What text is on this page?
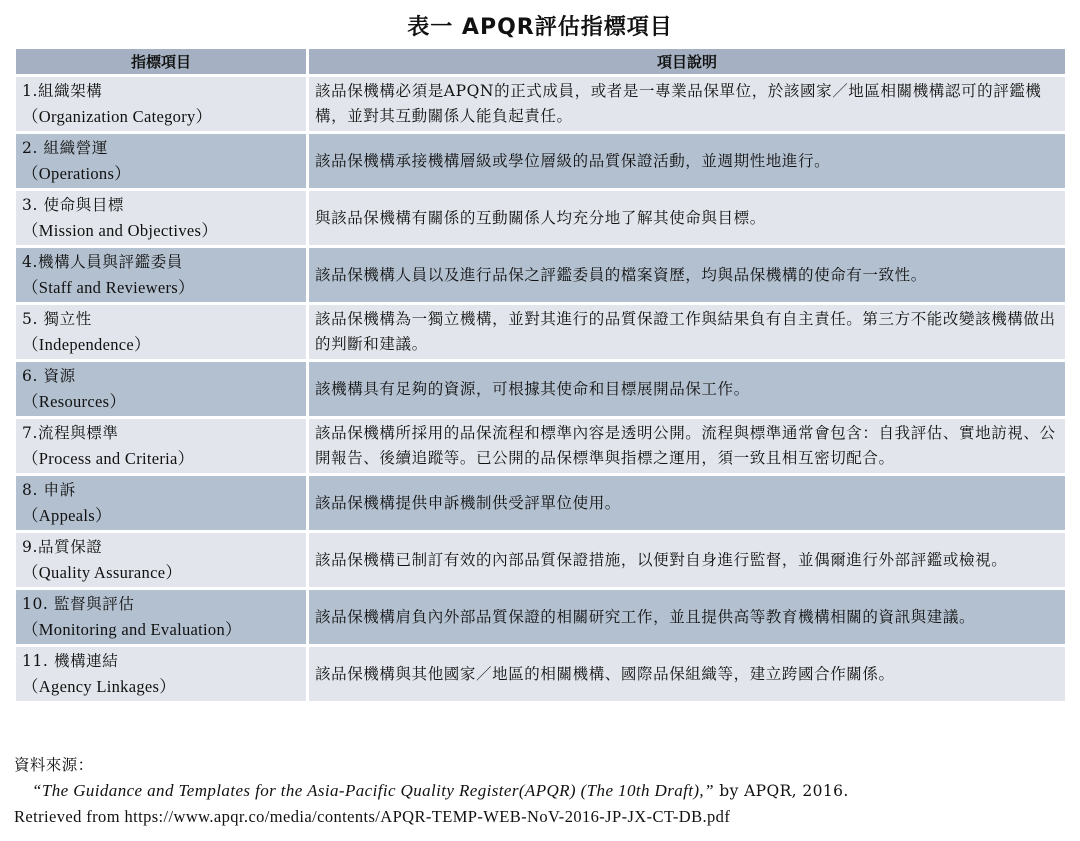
表一 APQR評估指標項目
指標項目	項目說明

1.組織架構
（Organization Category）	該品保機構必須是APQN的正式成員，或者是一專業品保單位，於該國家／地區相關機構認可的評鑑機構，並對其互動關係人能負起責任。

2. 組織營運
（Operations）	該品保機構承接機構層級或學位層級的品質保證活動，並週期性地進行。

3. 使命與目標
（Mission and Objectives）	與該品保機構有關係的互動關係人均充分地了解其使命與目標。

4.機構人員與評鑑委員
（Staff and Reviewers）	該品保機構人員以及進行品保之評鑑委員的檔案資歷，均與品保機構的使命有一致性。

5. 獨立性
（Independence）	該品保機構為一獨立機構，並對其進行的品質保證工作與結果負有自主責任。第三方不能改變該機構做出的判斷和建議。

6. 資源
（Resources）	該機構具有足夠的資源，可根據其使命和目標展開品保工作。

7.流程與標準
（Process and Criteria）	該品保機構所採用的品保流程和標準內容是透明公開。流程與標準通常會包含：自我評估、實地訪視、公開報告、後續追蹤等。已公開的品保標準與指標之運用，須一致且相互密切配合。

8. 申訴
（Appeals）	該品保機構提供申訴機制供受評單位使用。

9.品質保證
（Quality Assurance）	該品保機構已制訂有效的內部品質保證措施，以便對自身進行監督，並偶爾進行外部評鑑或檢視。

10. 監督與評估
（Monitoring and Evaluation）	該品保機構肩負內外部品質保證的相關研究工作，並且提供高等教育機構相關的資訊與建議。

11. 機構連結
（Agency Linkages）	該品保機構與其他國家／地區的相關機構、國際品保組織等，建立跨國合作關係。
資料來源：
“The Guidance and Templates for the Asia-Pacific Quality Register(APQR) (The 10th Draft),” by APQR, 2016.
Retrieved from https://www.apqr.co/media/contents/APQR-TEMP-WEB-NoV-2016-JP-JX-CT-DB.pdf
